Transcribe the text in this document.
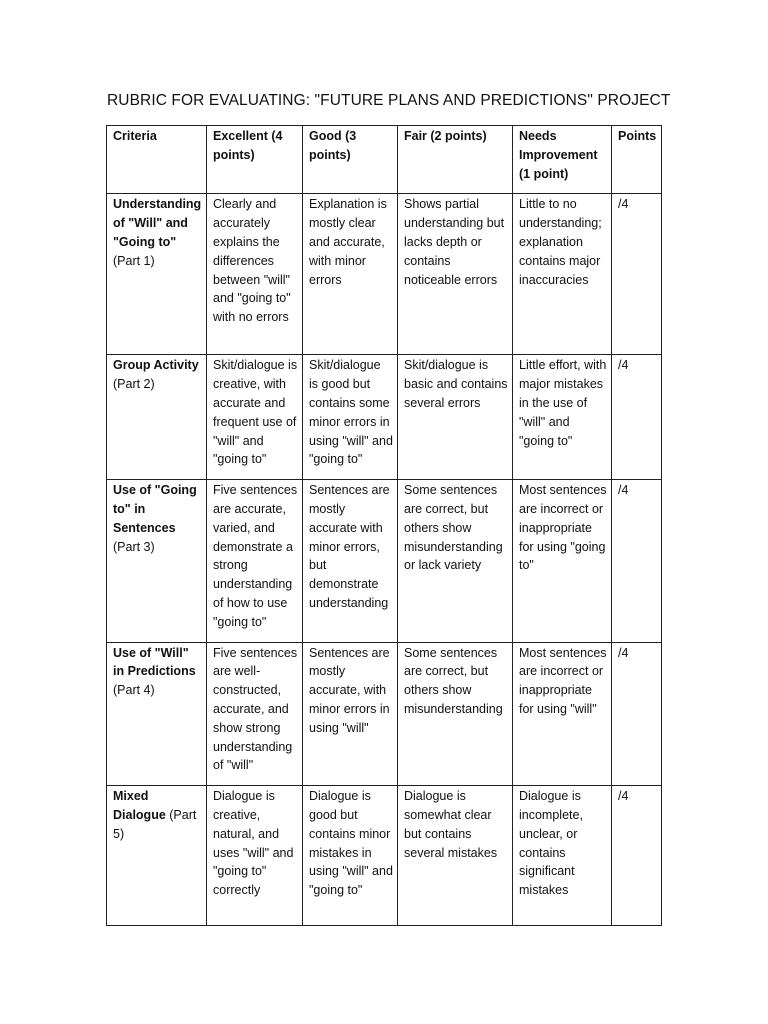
RUBRIC FOR EVALUATING: "FUTURE PLANS AND PREDICTIONS" PROJECT
Criteria	Excellent (4 points)	Good (3 points)	Fair (2 points)	Needs Improvement (1 point)	Points
Understanding of "Will" and "Going to" (Part 1)	Clearly and accurately explains the differences between "will" and "going to" with no errors	Explanation is mostly clear and accurate, with minor errors	Shows partial understanding but lacks depth or contains noticeable errors	Little to no understanding; explanation contains major inaccuracies	/4
Group Activity (Part 2)	Skit/dialogue is creative, with accurate and frequent use of "will" and "going to"	Skit/dialogue is good but contains some minor errors in using "will" and "going to"	Skit/dialogue is basic and contains several errors	Little effort, with major mistakes in the use of "will" and "going to"	/4
Use of "Going to" in Sentences (Part 3)	Five sentences are accurate, varied, and demonstrate a strong understanding of how to use "going to"	Sentences are mostly accurate with minor errors, but demonstrate understanding	Some sentences are correct, but others show misunderstanding or lack variety	Most sentences are incorrect or inappropriate for using "going to"	/4
Use of "Will" in Predictions (Part 4)	Five sentences are well-constructed, accurate, and show strong understanding of "will"	Sentences are mostly accurate, with minor errors in using "will"	Some sentences are correct, but others show misunderstanding	Most sentences are incorrect or inappropriate for using "will"	/4
Mixed Dialogue (Part 5)	Dialogue is creative, natural, and uses "will" and "going to" correctly	Dialogue is good but contains minor mistakes in using "will" and "going to"	Dialogue is somewhat clear but contains several mistakes	Dialogue is incomplete, unclear, or contains significant mistakes	/4
